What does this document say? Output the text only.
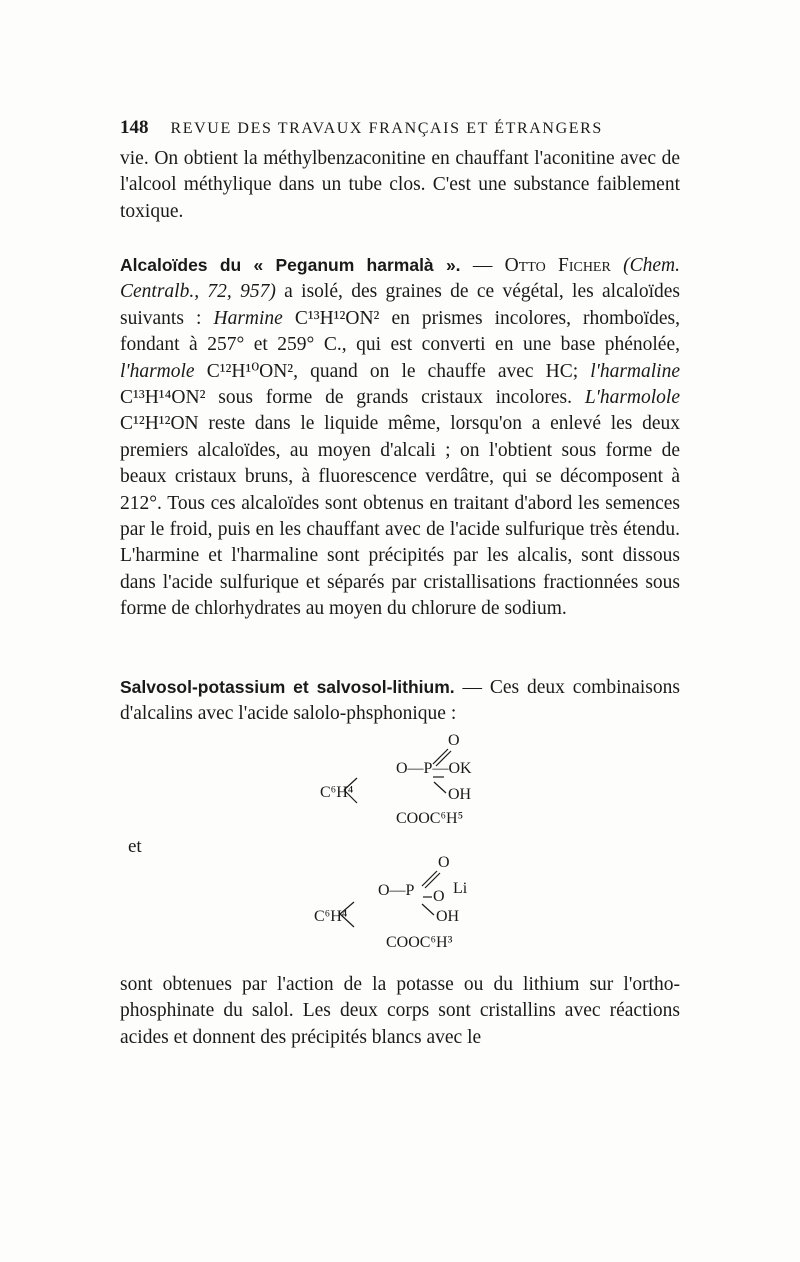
148 REVUE DES TRAVAUX FRANÇAIS ET ÉTRANGERS

vie. On obtient la méthylbenzaconitine en chauffant l'aconitine avec de l'alcool méthylique dans un tube clos. C'est une substance faiblement toxique.

Alcaloïdes du « Peganum harmalà ». — Otto Ficher (Chem. Centralb., 72, 957) a isolé, des graines de ce végétal, les alcaloïdes suivants : Harmine C¹³H¹²ON² en prismes incolores, rhomboïdes, fondant à 257° et 259° C., qui est converti en une base phénolée, l'harmole C¹²H¹⁰ON², quand on le chauffe avec HC; l'harmaline C¹³H¹⁴ON² sous forme de grands cristaux incolores. L'harmolole C¹²H¹²ON reste dans le liquide même, lorsqu'on a enlevé les deux premiers alcaloïdes, au moyen d'alcali ; on l'obtient sous forme de beaux cristaux bruns, à fluorescence verdâtre, qui se décomposent à 212°. Tous ces alcaloïdes sont obtenus en traitant d'abord les semences par le froid, puis en les chauffant avec de l'acide sulfurique très étendu. L'harmine et l'harmaline sont précipités par les alcalis, sont dissous dans l'acide sulfurique et séparés par cristallisations fractionnées sous forme de chlorhydrates au moyen du chlorure de sodium.

Salvosol-potassium et salvosol-lithium. — Ces deux combinaisons d'alcalins avec l'acide salolo-phsphonique :

O
O—P—OK
C⁶H⁴	OH
COOC⁶H⁵
et
O
O—P O Li
C⁶H⁴	OH
COOC⁶H³

sont obtenues par l'action de la potasse ou du lithium sur l'ortho-phosphinate du salol. Les deux corps sont cristallins avec réactions acides et donnent des précipités blancs avec le
